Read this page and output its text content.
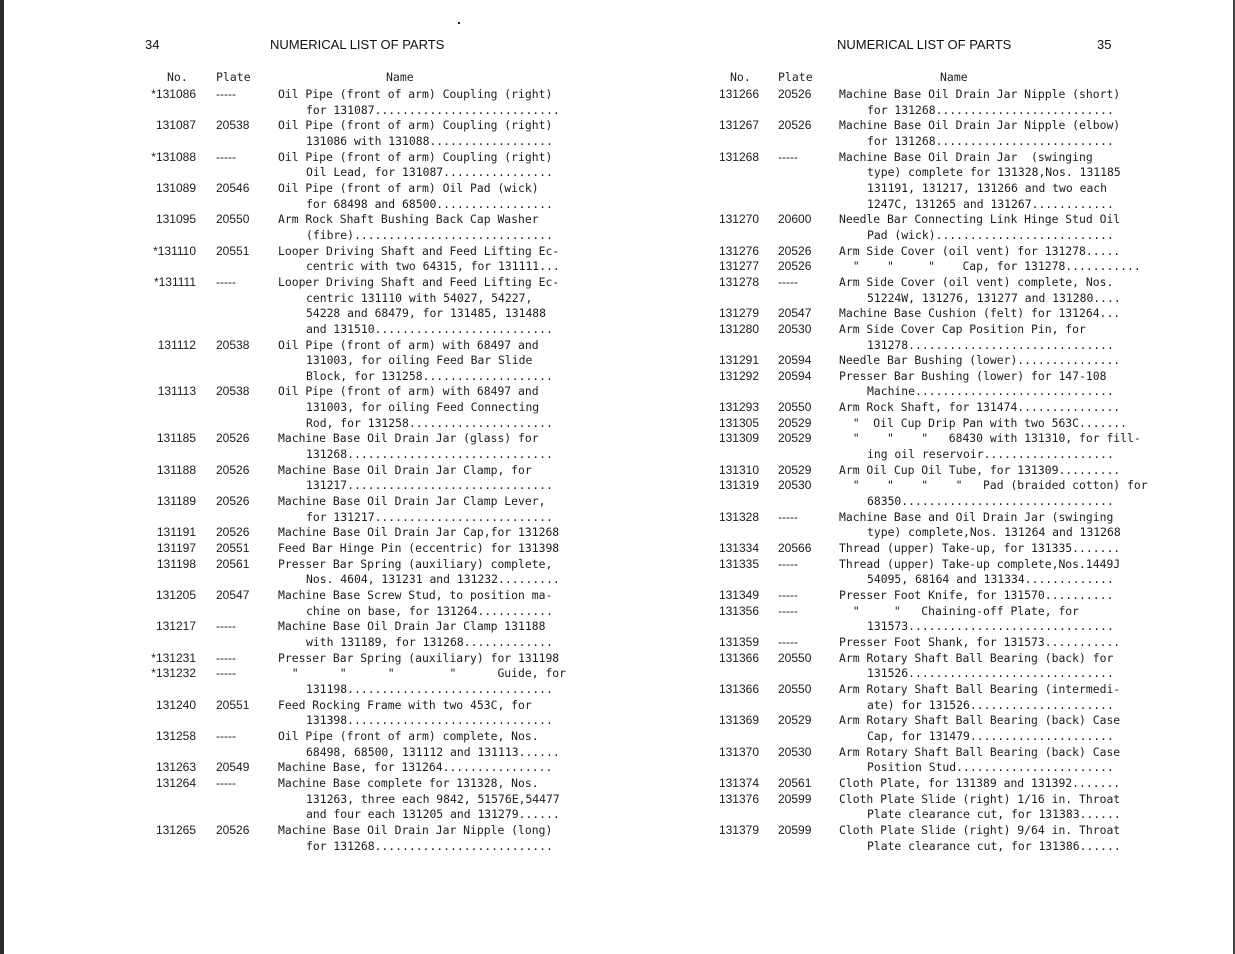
34	NUMERICAL LIST OF PARTS
No. Plate	Name
*131086 -----	Oil Pipe (front of arm) Coupling (right)
for 131087...........................
131087 20538	Oil Pipe (front of arm) Coupling (right)
131086 with 131088..................
*131088 -----	Oil Pipe (front of arm) Coupling (right)
Oil Lead, for 131087................
131089 20546	Oil Pipe (front of arm) Oil Pad (wick)
for 68498 and 68500.................
131095 20550	Arm Rock Shaft Bushing Back Cap Washer
(fibre).............................
*131110 20551	Looper Driving Shaft and Feed Lifting Ec-
centric with two 64315, for 131111...
*131111 -----	Looper Driving Shaft and Feed Lifting Ec-
centric 131110 with 54027, 54227,
54228 and 68479, for 131485, 131488
and 131510..........................
131112 20538	Oil Pipe (front of arm) with 68497 and
131003, for oiling Feed Bar Slide
Block, for 131258...................
131113 20538	Oil Pipe (front of arm) with 68497 and
131003, for oiling Feed Connecting
Rod, for 131258.....................
131185 20526	Machine Base Oil Drain Jar (glass) for
131268..............................
131188 20526	Machine Base Oil Drain Jar Clamp, for
131217..............................
131189 20526	Machine Base Oil Drain Jar Clamp Lever,
for 131217..........................
131191 20526	Machine Base Oil Drain Jar Cap,for 131268
131197 20551	Feed Bar Hinge Pin (eccentric) for 131398
131198 20561	Presser Bar Spring (auxiliary) complete,
Nos. 4604, 131231 and 131232.........
131205 20547	Machine Base Screw Stud, to position ma-
chine on base, for 131264...........
131217 -----	Machine Base Oil Drain Jar Clamp 131188
with 131189, for 131268.............
*131231 -----	Presser Bar Spring (auxiliary) for 131198
*131232 -----	"      "      "        "      Guide, for
131198..............................
131240 20551	Feed Rocking Frame with two 453C, for
131398..............................
131258 -----	Oil Pipe (front of arm) complete, Nos.
68498, 68500, 131112 and 131113......
131263 20549	Machine Base, for 131264................
131264 -----	Machine Base complete for 131328, Nos.
131263, three each 9842, 51576E,54477
and four each 131205 and 131279......
131265 20526	Machine Base Oil Drain Jar Nipple (long)
for 131268..........................
NUMERICAL LIST OF PARTS	35
No. Plate	Name
131266 20526 Machine Base Oil Drain Jar Nipple (short)
for 131268..........................
131267 20526 Machine Base Oil Drain Jar Nipple (elbow)
for 131268..........................
131268 -----	Machine Base Oil Drain Jar  (swinging
type) complete for 131328,Nos. 131185
131191, 131217, 131266 and two each
1247C, 131265 and 131267............
131270 20600 Needle Bar Connecting Link Hinge Stud Oil
Pad (wick)..........................
131276 20526 Arm Side Cover (oil vent) for 131278.....
131277 20526 "    "     "    Cap, for 131278...........
131278 -----	Arm Side Cover (oil vent) complete, Nos.
51224W, 131276, 131277 and 131280....
131279 20547 Machine Base Cushion (felt) for 131264...
131280 20530 Arm Side Cover Cap Position Pin, for
131278..............................
131291 20594 Needle Bar Bushing (lower)...............
131292 20594 Presser Bar Bushing (lower) for 147-108
Machine.............................
131293 20550 Arm Rock Shaft, for 131474...............
131305 20529 "  Oil Cup Drip Pan with two 563C.......
131309 20529 "    "    "   68430 with 131310, for fill-
ing oil reservoir...................
131310 20529 Arm Oil Cup Oil Tube, for 131309.........
131319 20530 "    "    "    "   Pad (braided cotton) for
68350...............................
131328 -----	Machine Base and Oil Drain Jar (swinging
type) complete,Nos. 131264 and 131268
131334 20566 Thread (upper) Take-up, for 131335.......
131335 -----	Thread (upper) Take-up complete,Nos.1449J
54095, 68164 and 131334.............
131349 -----	Presser Foot Knife, for 131570..........
131356 -----	"     "   Chaining-off Plate, for
131573..............................
131359 -----	Presser Foot Shank, for 131573...........
131366 20550 Arm Rotary Shaft Ball Bearing (back) for
131526..............................
131366 20550 Arm Rotary Shaft Ball Bearing (intermedi-
ate) for 131526.....................
131369 20529 Arm Rotary Shaft Ball Bearing (back) Case
Cap, for 131479.....................
131370 20530 Arm Rotary Shaft Ball Bearing (back) Case
Position Stud.......................
131374 20561 Cloth Plate, for 131389 and 131392.......
131376 20599 Cloth Plate Slide (right) 1/16 in. Throat
Plate clearance cut, for 131383......
131379 20599 Cloth Plate Slide (right) 9/64 in. Throat
Plate clearance cut, for 131386......
